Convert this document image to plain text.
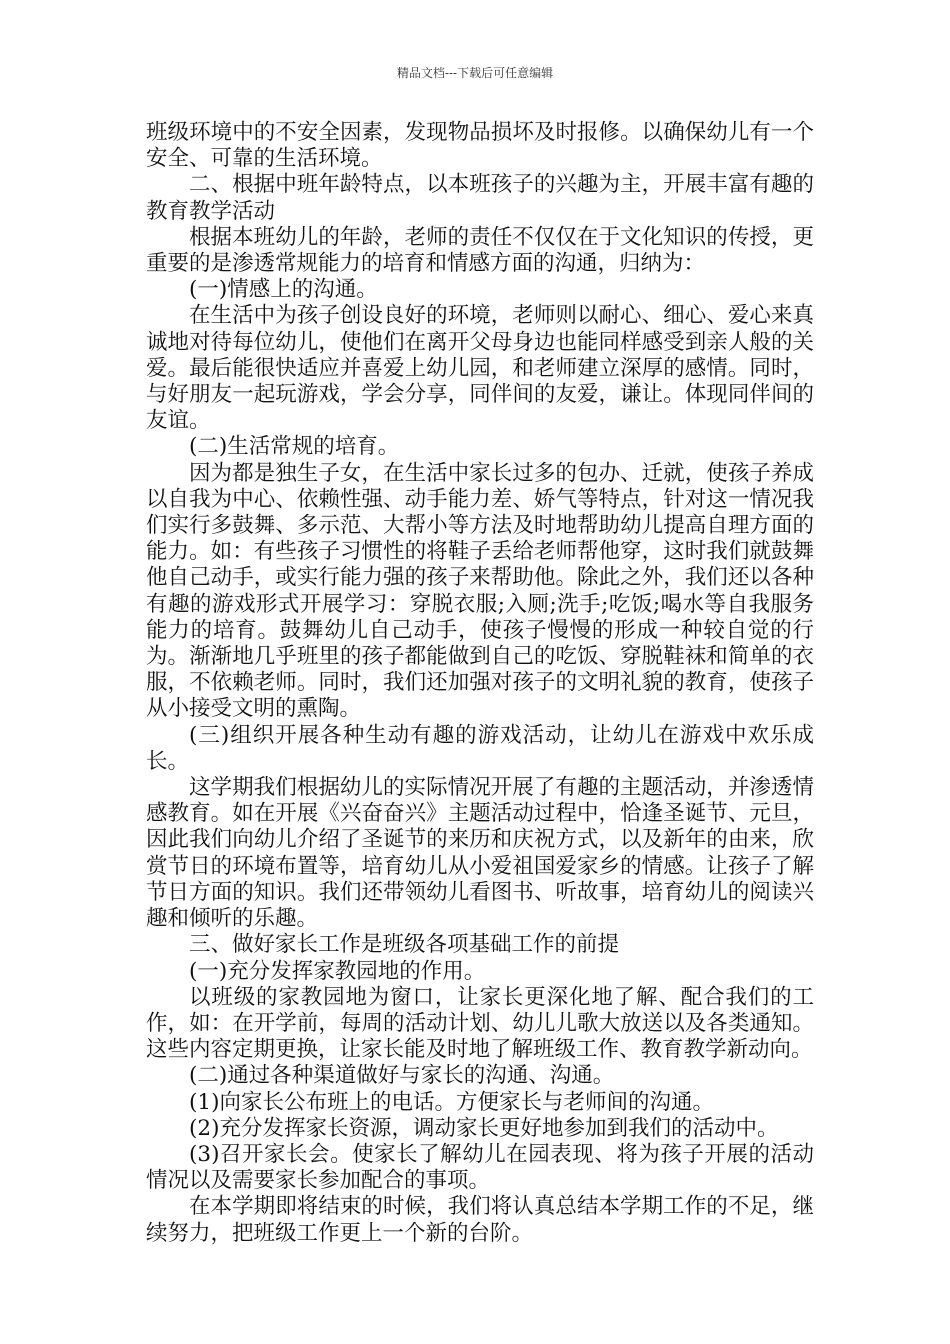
精品文档---下载后可任意编辑

班级环境中的不安全因素，发现物品损坏及时报修。以确保幼儿有一个安全、可靠的生活环境。

二、根据中班年龄特点，以本班孩子的兴趣为主，开展丰富有趣的教育教学活动

根据本班幼儿的年龄，老师的责任不仅仅在于文化知识的传授，更重要的是渗透常规能力的培育和情感方面的沟通，归纳为：

(一)情感上的沟通。

在生活中为孩子创设良好的环境，老师则以耐心、细心、爱心来真诚地对待每位幼儿，使他们在离开父母身边也能同样感受到亲人般的关爱。最后能很快适应并喜爱上幼儿园，和老师建立深厚的感情。同时，与好朋友一起玩游戏，学会分享，同伴间的友爱，谦让。体现同伴间的友谊。

(二)生活常规的培育。

因为都是独生子女，在生活中家长过多的包办、迁就，使孩子养成以自我为中心、依赖性强、动手能力差、娇气等特点，针对这一情况我们实行多鼓舞、多示范、大帮小等方法及时地帮助幼儿提高自理方面的能力。如：有些孩子习惯性的将鞋子丢给老师帮他穿，这时我们就鼓舞他自己动手，或实行能力强的孩子来帮助他。除此之外，我们还以各种有趣的游戏形式开展学习：穿脱衣服;入厕;洗手;吃饭;喝水等自我服务能力的培育。鼓舞幼儿自己动手，使孩子慢慢的形成一种较自觉的行为。渐渐地几乎班里的孩子都能做到自己的吃饭、穿脱鞋袜和简单的衣服，不依赖老师。同时，我们还加强对孩子的文明礼貌的教育，使孩子从小接受文明的熏陶。

(三)组织开展各种生动有趣的游戏活动，让幼儿在游戏中欢乐成长。

这学期我们根据幼儿的实际情况开展了有趣的主题活动，并渗透情感教育。如在开展《兴奋奋兴》主题活动过程中，恰逢圣诞节、元旦，因此我们向幼儿介绍了圣诞节的来历和庆祝方式，以及新年的由来，欣赏节日的环境布置等，培育幼儿从小爱祖国爱家乡的情感。让孩子了解节日方面的知识。我们还带领幼儿看图书、听故事，培育幼儿的阅读兴趣和倾听的乐趣。

三、做好家长工作是班级各项基础工作的前提

(一)充分发挥家教园地的作用。

以班级的家教园地为窗口，让家长更深化地了解、配合我们的工作，如：在开学前，每周的活动计划、幼儿儿歌大放送以及各类通知。这些内容定期更换，让家长能及时地了解班级工作、教育教学新动向。

(二)通过各种渠道做好与家长的沟通、沟通。

(1)向家长公布班上的电话。方便家长与老师间的沟通。

(2)充分发挥家长资源，调动家长更好地参加到我们的活动中。

(3)召开家长会。使家长了解幼儿在园表现、将为孩子开展的活动情况以及需要家长参加配合的事项。

在本学期即将结束的时候，我们将认真总结本学期工作的不足，继续努力，把班级工作更上一个新的台阶。
